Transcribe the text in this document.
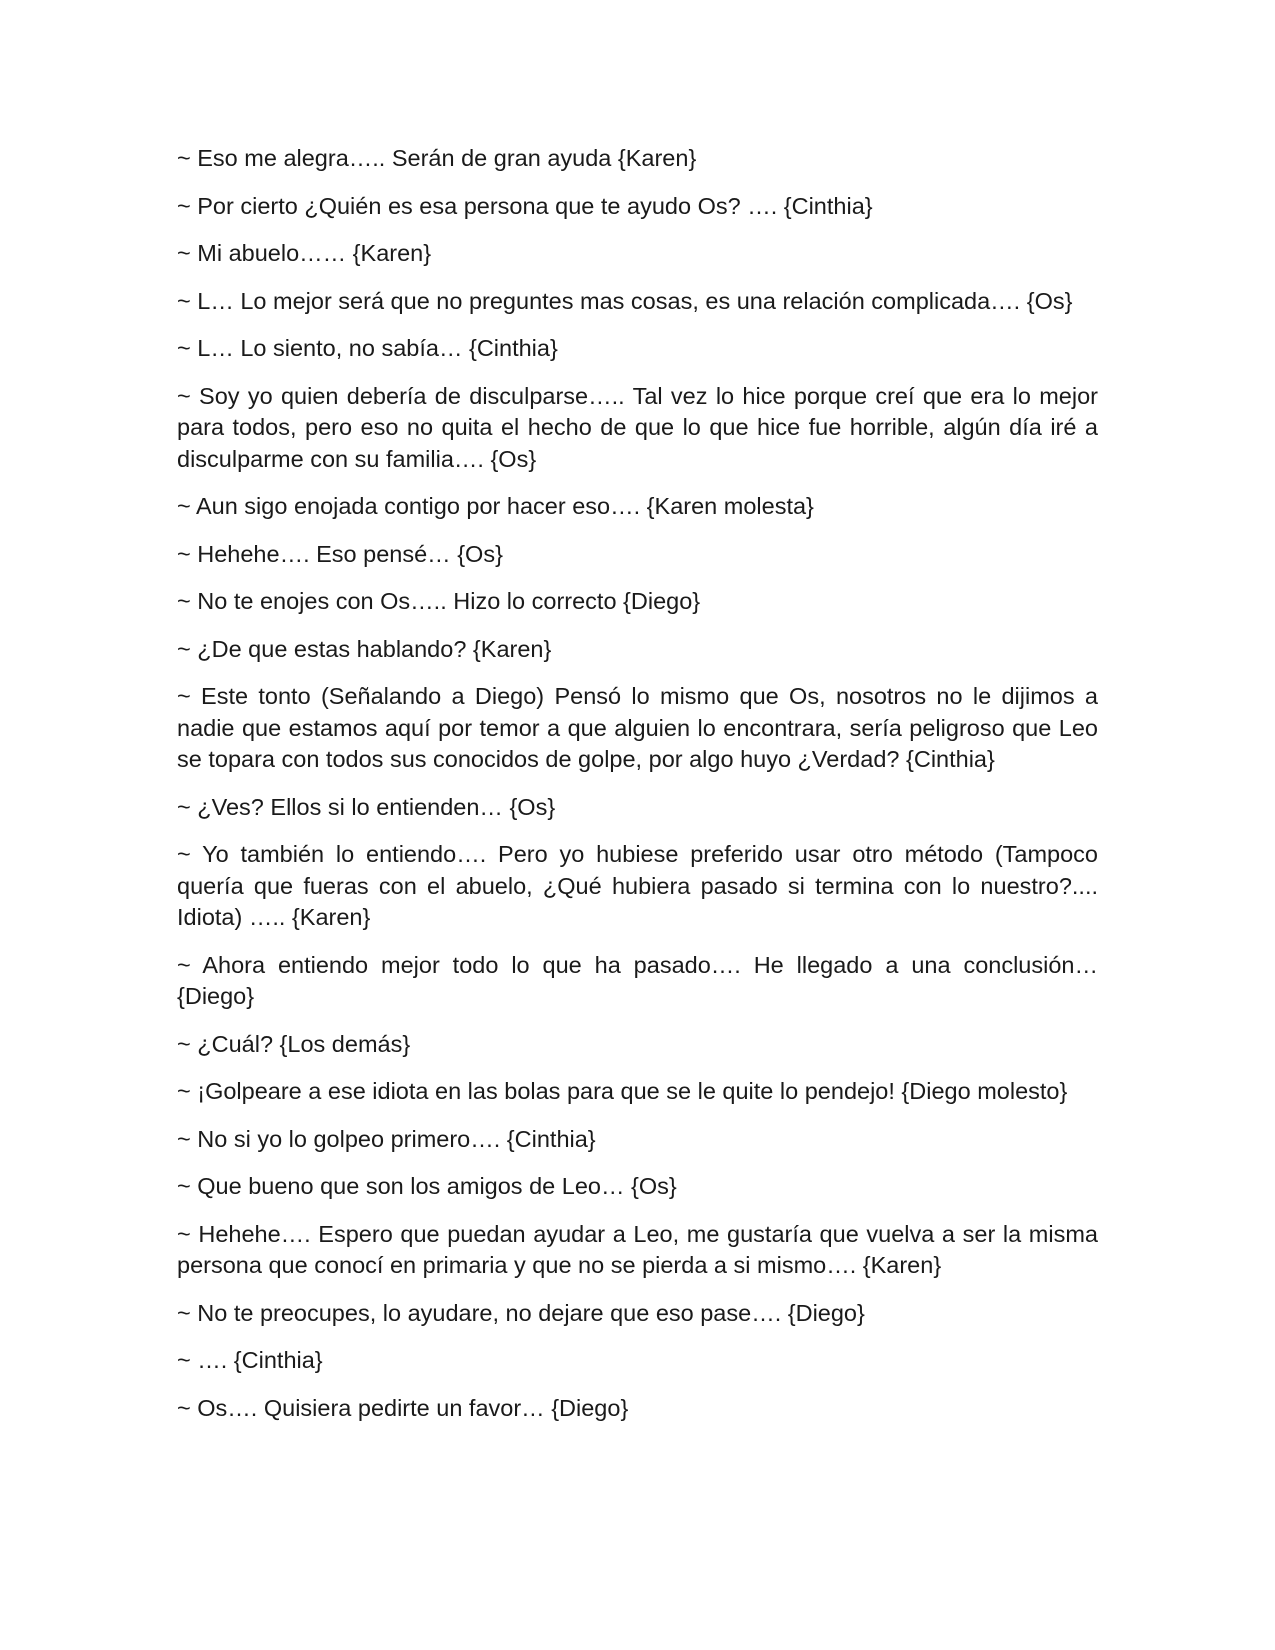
~ Eso me alegra….. Serán de gran ayuda {Karen}

~ Por cierto ¿Quién es esa persona que te ayudo Os? …. {Cinthia}

~ Mi abuelo…… {Karen}

~ L… Lo mejor será que no preguntes mas cosas, es una relación complicada…. {Os}

~ L… Lo siento, no sabía… {Cinthia}

~ Soy yo quien debería de disculparse….. Tal vez lo hice porque creí que era lo mejor para todos, pero eso no quita el hecho de que lo que hice fue horrible, algún día iré a disculparme con su familia…. {Os}

~ Aun sigo enojada contigo por hacer eso…. {Karen molesta}

~ Hehehe…. Eso pensé… {Os}

~ No te enojes con Os….. Hizo lo correcto {Diego}

~ ¿De que estas hablando? {Karen}

~ Este tonto (Señalando a Diego) Pensó lo mismo que Os, nosotros no le dijimos a nadie que estamos aquí por temor a que alguien lo encontrara, sería peligroso que Leo se topara con todos sus conocidos de golpe, por algo huyo ¿Verdad? {Cinthia}

~ ¿Ves? Ellos si lo entienden… {Os}

~ Yo también lo entiendo…. Pero yo hubiese preferido usar otro método (Tampoco quería que fueras con el abuelo, ¿Qué hubiera pasado si termina con lo nuestro?.... Idiota) ….. {Karen}

~ Ahora entiendo mejor todo lo que ha pasado…. He llegado a una conclusión… {Diego}

~ ¿Cuál? {Los demás}

~ ¡Golpeare a ese idiota en las bolas para que se le quite lo pendejo! {Diego molesto}

~ No si yo lo golpeo primero…. {Cinthia}

~ Que bueno que son los amigos de Leo… {Os}

~ Hehehe…. Espero que puedan ayudar a Leo, me gustaría que vuelva a ser la misma persona que conocí en primaria y que no se pierda a si mismo…. {Karen}

~ No te preocupes, lo ayudare, no dejare que eso pase…. {Diego}

~ …. {Cinthia}

~ Os…. Quisiera pedirte un favor… {Diego}
